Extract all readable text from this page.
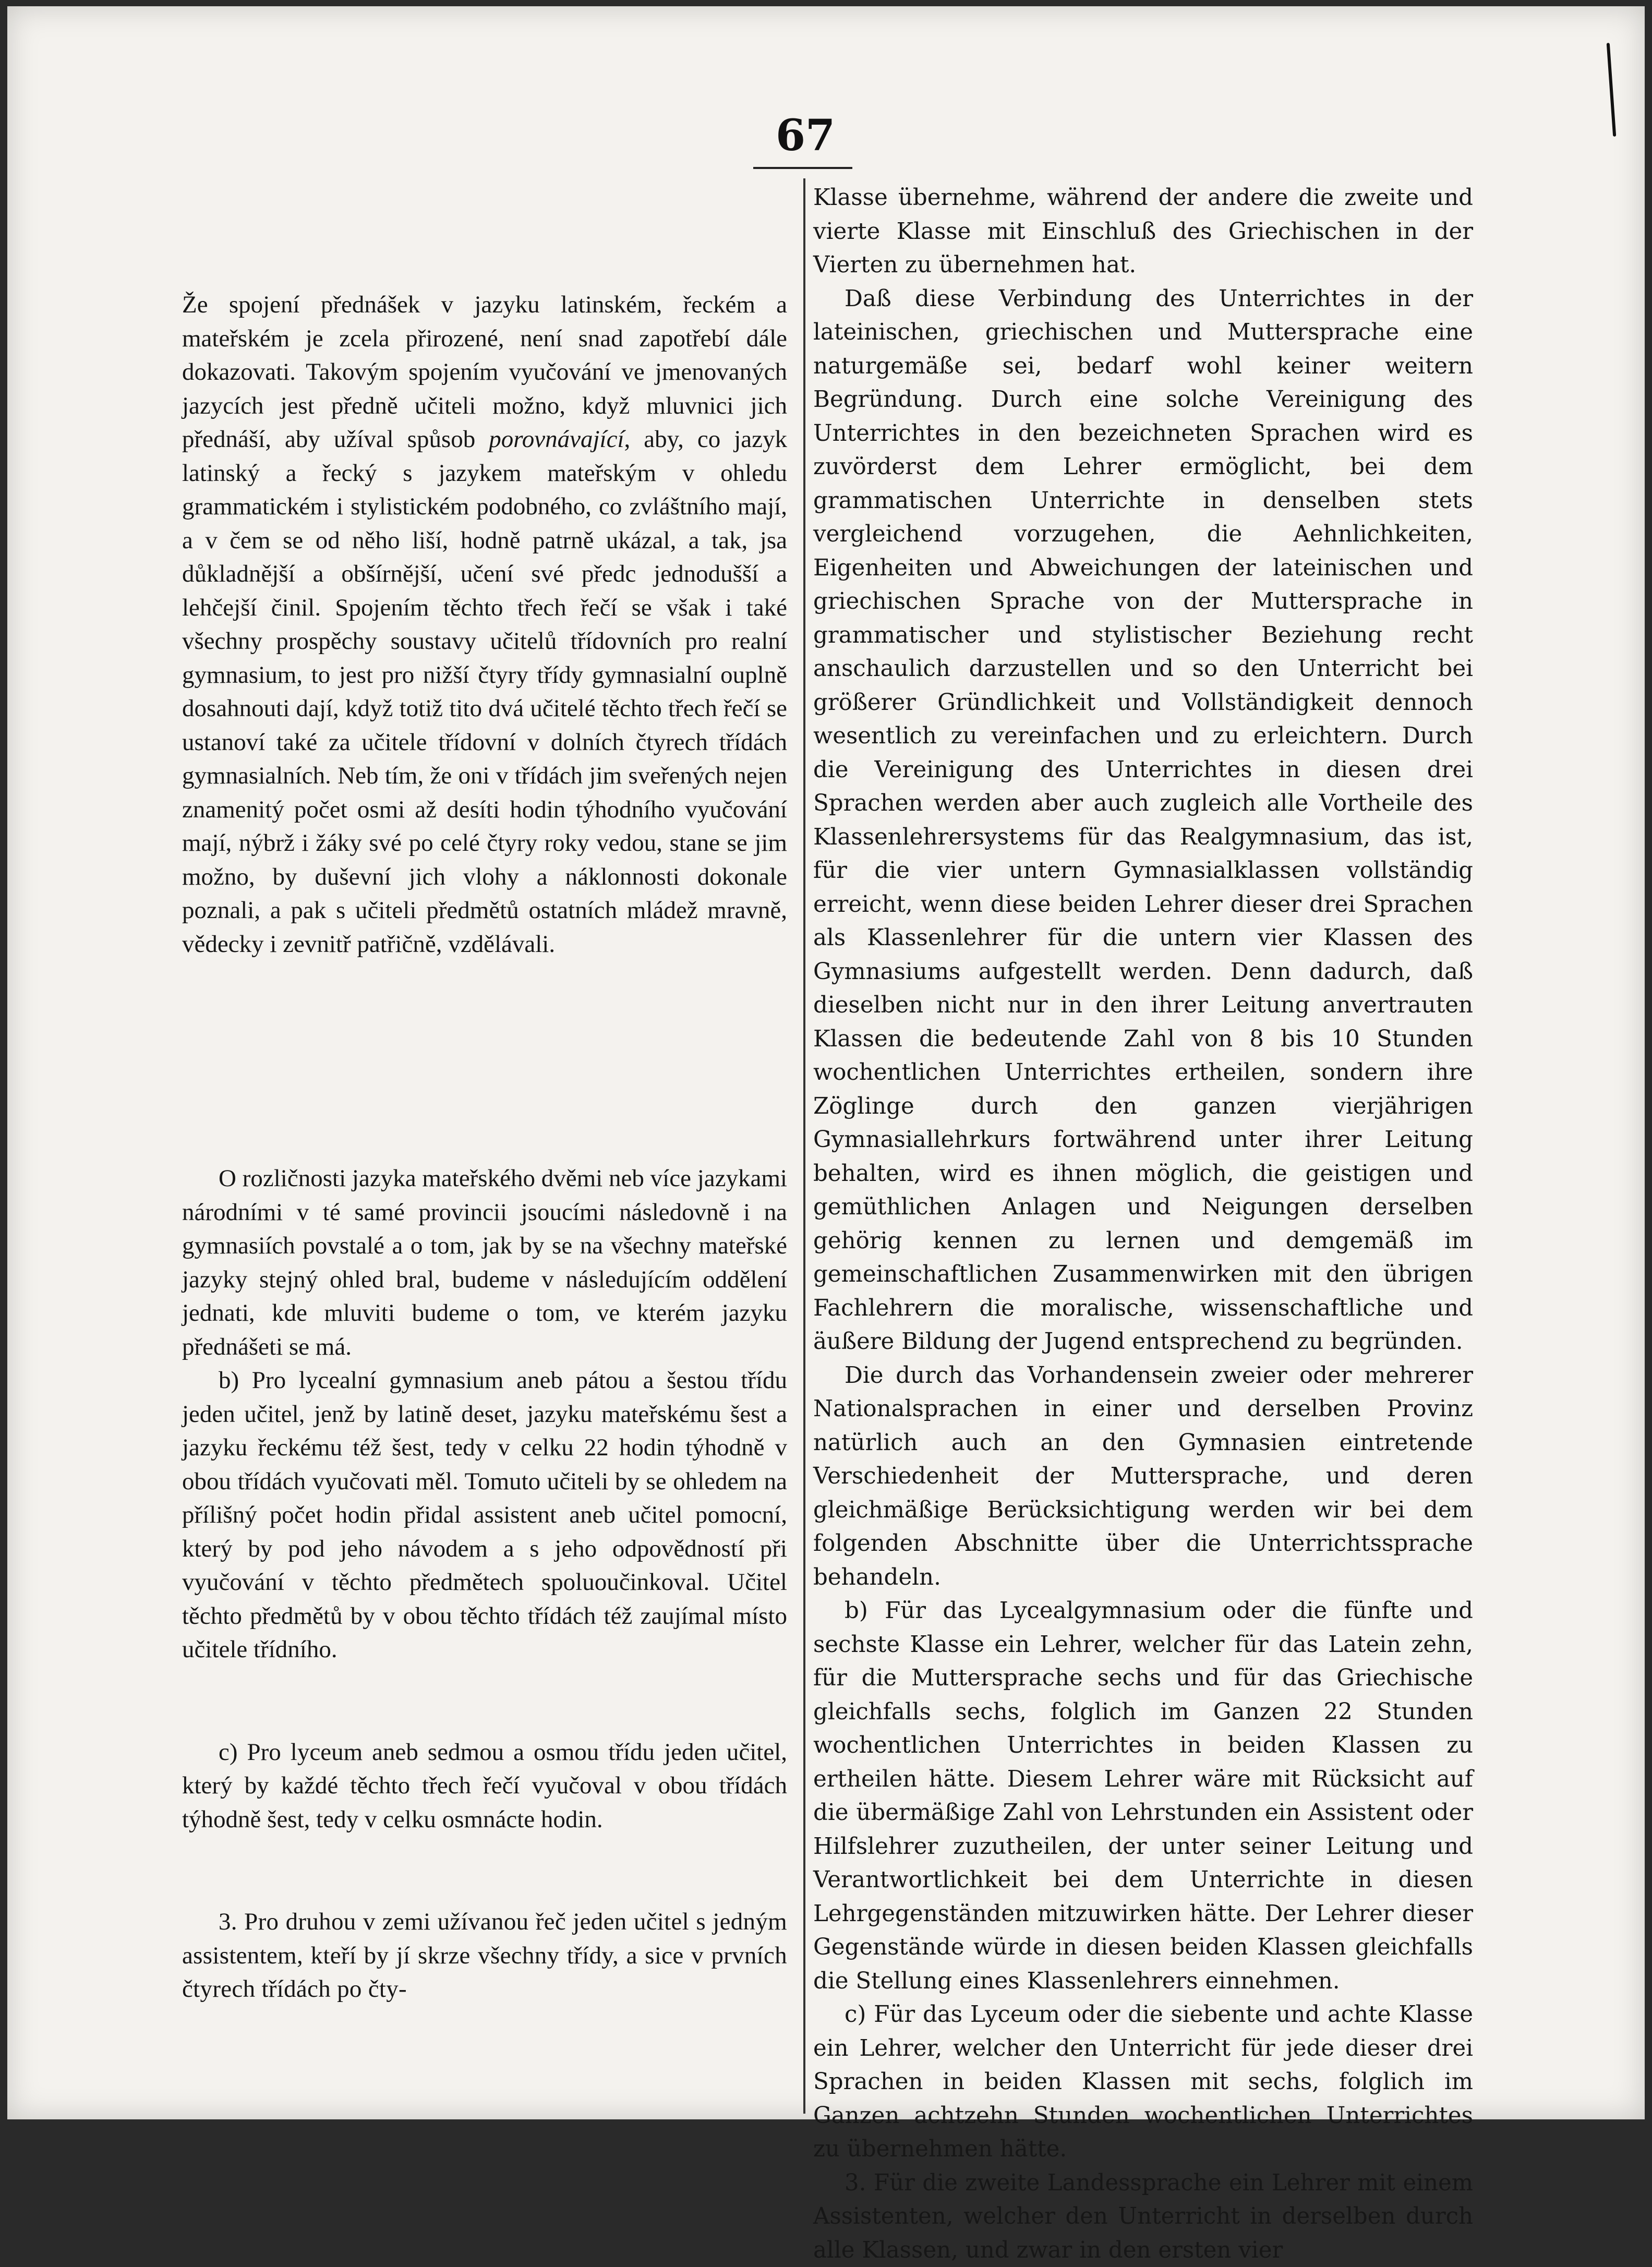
67

Že spojení přednášek v jazyku latinském, řeckém a mateřském je zcela přirozené, není snad zapotřebí dále dokazovati. Takovým spojením vyučování ve jmenovaných jazycích jest předně učiteli možno, když mluvnici jich přednáší, aby užíval spůsob porovnávající, aby, co jazyk latinský a řecký s jazykem mateřským v ohledu grammatickém i stylistickém podobného, co zvláštního mají, a v čem se od něho liší, hodně patrně ukázal, a tak, jsa důkladnější a obšírnější, učení své předc jednodušší a lehčejší činil. Spojením těchto třech řečí se však i také všechny prospěchy soustavy učitelů třídovních pro realní gymnasium, to jest pro nižší čtyry třídy gymnasialní ouplně dosahnouti dají, když totiž tito dvá učitelé těchto třech řečí se ustanoví také za učitele třídovní v dolních čtyrech třídách gymnasialních. Neb tím, že oni v třídách jim sveřených nejen znamenitý počet osmi až desíti hodin týhodního vyučování mají, nýbrž i žáky své po celé čtyry roky vedou, stane se jim možno, by duševní jich vlohy a náklonnosti dokonale poznali, a pak s učiteli předmětů ostatních mládež mravně, vědecky i zevnitř patřičně, vzdělávali.

O rozličnosti jazyka mateřského dvěmi neb více jazykami národními v té samé provincii jsoucími následovně i na gymnasiích povstalé a o tom, jak by se na všechny mateřské jazyky stejný ohled bral, budeme v následujícím oddělení jednati, kde mluviti budeme o tom, ve kterém jazyku přednášeti se má.

b) Pro lycealní gymnasium aneb pátou a šestou třídu jeden učitel, jenž by latině deset, jazyku mateřskému šest a jazyku řeckému též šest, tedy v celku 22 hodin týhodně v obou třídách vyučovati měl. Tomuto učiteli by se ohledem na přílišný počet hodin přidal assistent aneb učitel pomocní, který by pod jeho návodem a s jeho odpovědností při vyučování v těchto předmětech spoluoučinkoval. Učitel těchto předmětů by v obou těchto třídách též zaujímal místo učitele třídního.

c) Pro lyceum aneb sedmou a osmou třídu jeden učitel, který by každé těchto třech řečí vyučoval v obou třídách týhodně šest, tedy v celku osmnácte hodin.

3. Pro druhou v zemi užívanou řeč jeden učitel s jedným assistentem, kteří by jí skrze všechny třídy, a sice v prvních čtyrech třídách po čty-

Klasse übernehme, während der andere die zweite und vierte Klasse mit Einschluß des Griechischen in der Vierten zu übernehmen hat.

Daß diese Verbindung des Unterrichtes in der lateinischen, griechischen und Muttersprache eine naturgemäße sei, bedarf wohl keiner weitern Begründung. Durch eine solche Vereinigung des Unterrichtes in den bezeichneten Sprachen wird es zuvörderst dem Lehrer ermöglicht, bei dem grammatischen Unterrichte in denselben stets vergleichend vorzugehen, die Aehnlichkeiten, Eigenheiten und Abweichungen der lateinischen und griechischen Sprache von der Muttersprache in grammatischer und stylistischer Beziehung recht anschaulich darzustellen und so den Unterricht bei größerer Gründlichkeit und Vollständigkeit dennoch wesentlich zu vereinfachen und zu erleichtern. Durch die Vereinigung des Unterrichtes in diesen drei Sprachen werden aber auch zugleich alle Vortheile des Klassenlehrersystems für das Realgymnasium, das ist, für die vier untern Gymnasialklassen vollständig erreicht, wenn diese beiden Lehrer dieser drei Sprachen als Klassenlehrer für die untern vier Klassen des Gymnasiums aufgestellt werden. Denn dadurch, daß dieselben nicht nur in den ihrer Leitung anvertrauten Klassen die bedeutende Zahl von 8 bis 10 Stunden wochentlichen Unterrichtes ertheilen, sondern ihre Zöglinge durch den ganzen vierjährigen Gymnasiallehrkurs fortwährend unter ihrer Leitung behalten, wird es ihnen möglich, die geistigen und gemüthlichen Anlagen und Neigungen derselben gehörig kennen zu lernen und demgemäß im gemeinschaftlichen Zusammenwirken mit den übrigen Fachlehrern die moralische, wissenschaftliche und äußere Bildung der Jugend entsprechend zu begründen.

Die durch das Vorhandensein zweier oder mehrerer Nationalsprachen in einer und derselben Provinz natürlich auch an den Gymnasien eintretende Verschiedenheit der Muttersprache, und deren gleichmäßige Berücksichtigung werden wir bei dem folgenden Abschnitte über die Unterrichtssprache behandeln.

b) Für das Lycealgymnasium oder die fünfte und sechste Klasse ein Lehrer, welcher für das Latein zehn, für die Muttersprache sechs und für das Griechische gleichfalls sechs, folglich im Ganzen 22 Stunden wochentlichen Unterrichtes in beiden Klassen zu ertheilen hätte. Diesem Lehrer wäre mit Rücksicht auf die übermäßige Zahl von Lehrstunden ein Assistent oder Hilfslehrer zuzutheilen, der unter seiner Leitung und Verantwortlichkeit bei dem Unterrichte in diesen Lehrgegenständen mitzuwirken hätte. Der Lehrer dieser Gegenstände würde in diesen beiden Klassen gleichfalls die Stellung eines Klassenlehrers einnehmen.

c) Für das Lyceum oder die siebente und achte Klasse ein Lehrer, welcher den Unterricht für jede dieser drei Sprachen in beiden Klassen mit sechs, folglich im Ganzen achtzehn Stunden wochentlichen Unterrichtes zu übernehmen hätte.

3. Für die zweite Landessprache ein Lehrer mit einem Assistenten, welcher den Unterricht in derselben durch alle Klassen, und zwar in den ersten vier
